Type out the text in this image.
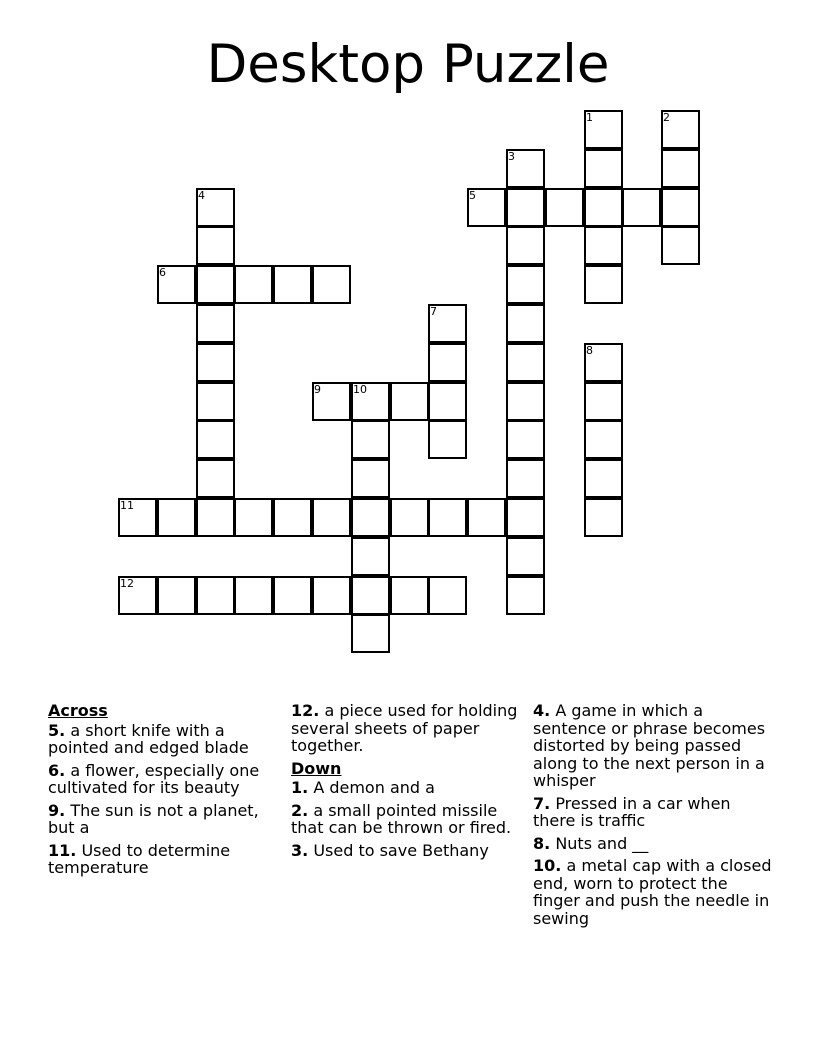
Desktop Puzzle
1	2
3
4	5
6
7
8
9	10
11
12
Across
5. a short knife with a pointed and edged blade
6. a flower, especially one cultivated for its beauty
9. The sun is not a planet, but a
11. Used to determine temperature
12. a piece used for holding several sheets of paper together.
Down
1. A demon and a
2. a small pointed missile that can be thrown or fired.
3. Used to save Bethany
4. A game in which a sentence or phrase becomes distorted by being passed along to the next person in a whisper
7. Pressed in a car when there is traffic
8. Nuts and __
10. a metal cap with a closed end, worn to protect the finger and push the needle in sewing
